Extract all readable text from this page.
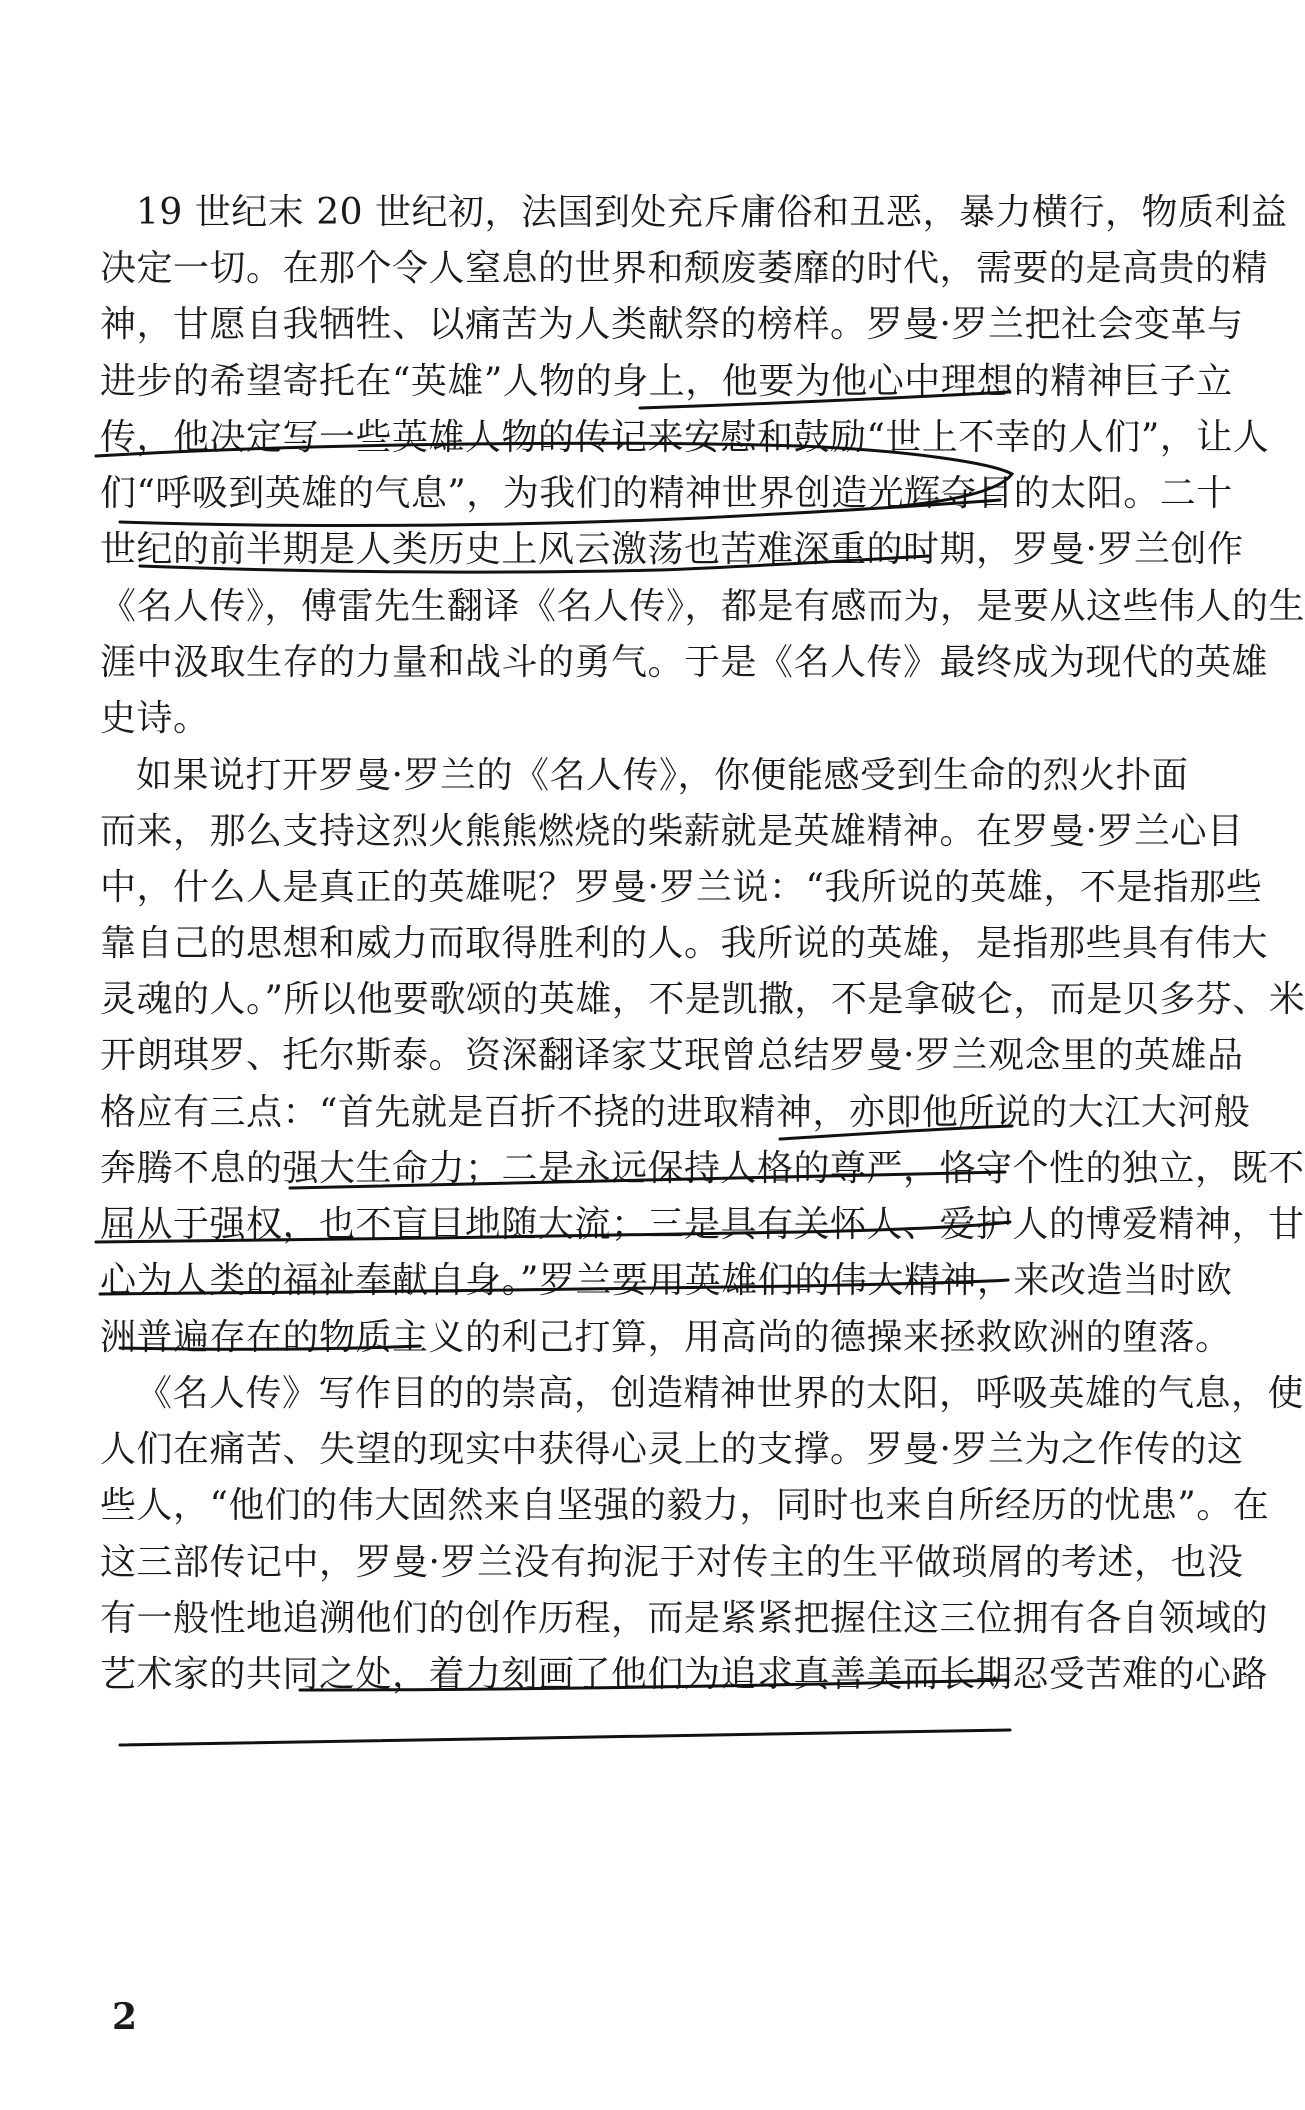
19 世纪末 20 世纪初，法国到处充斥庸俗和丑恶，暴力横行，物质利益
决定一切。在那个令人窒息的世界和颓废萎靡的时代，需要的是高贵的精
神，甘愿自我牺牲、以痛苦为人类献祭的榜样。罗曼·罗兰把社会变革与
进步的希望寄托在“英雄”人物的身上，他要为他心中理想的精神巨子立
传，他决定写一些英雄人物的传记来安慰和鼓励“世上不幸的人们”，让人
们“呼吸到英雄的气息”，为我们的精神世界创造光辉夺目的太阳。二十
世纪的前半期是人类历史上风云激荡也苦难深重的时期，罗曼·罗兰创作
《名人传》，傅雷先生翻译《名人传》，都是有感而为，是要从这些伟人的生
涯中汲取生存的力量和战斗的勇气。于是《名人传》最终成为现代的英雄
史诗。
如果说打开罗曼·罗兰的《名人传》，你便能感受到生命的烈火扑面
而来，那么支持这烈火熊熊燃烧的柴薪就是英雄精神。在罗曼·罗兰心目
中，什么人是真正的英雄呢？罗曼·罗兰说：“我所说的英雄，不是指那些
靠自己的思想和威力而取得胜利的人。我所说的英雄，是指那些具有伟大
灵魂的人。”所以他要歌颂的英雄，不是凯撒，不是拿破仑，而是贝多芬、米
开朗琪罗、托尔斯泰。资深翻译家艾珉曾总结罗曼·罗兰观念里的英雄品
格应有三点：“首先就是百折不挠的进取精神，亦即他所说的大江大河般
奔腾不息的强大生命力；二是永远保持人格的尊严，恪守个性的独立，既不
屈从于强权，也不盲目地随大流；三是具有关怀人、爱护人的博爱精神，甘
心为人类的福祉奉献自身。”罗兰要用英雄们的伟大精神，来改造当时欧
洲普遍存在的物质主义的利己打算，用高尚的德操来拯救欧洲的堕落。
《名人传》写作目的的崇高，创造精神世界的太阳，呼吸英雄的气息，使
人们在痛苦、失望的现实中获得心灵上的支撑。罗曼·罗兰为之作传的这
些人，“他们的伟大固然来自坚强的毅力，同时也来自所经历的忧患”。在
这三部传记中，罗曼·罗兰没有拘泥于对传主的生平做琐屑的考述，也没
有一般性地追溯他们的创作历程，而是紧紧把握住这三位拥有各自领域的
艺术家的共同之处，着力刻画了他们为追求真善美而长期忍受苦难的心路
2
